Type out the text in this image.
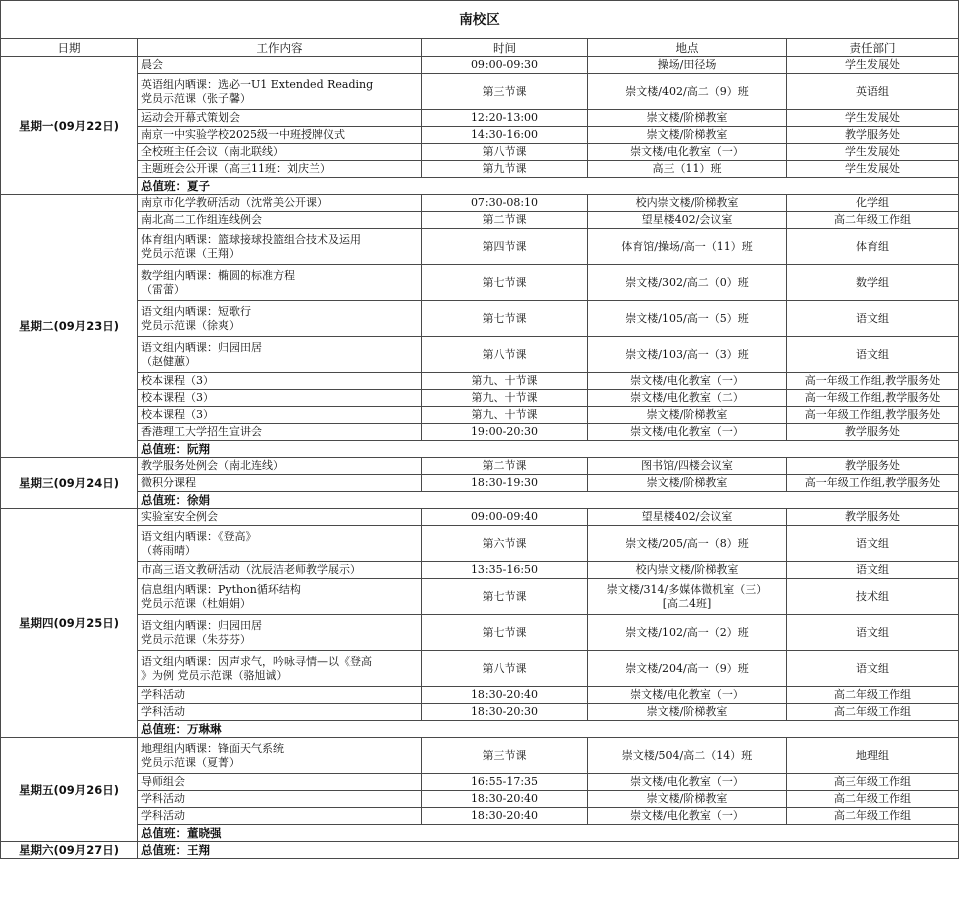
南校区				
日期	工作内容	时间	地点	责任部门
星期一(09月22日)	晨会	09:00-09:30	操场/田径场	学生发展处

	英语组内晒课：选必一U1 Extended Reading
党员示范课（张子馨）	第三节课	崇文楼/402/高二（9）班	英语组

	运动会开幕式策划会	12:20-13:00	崇文楼/阶梯教室	学生发展处

	南京一中实验学校2025级一中班授牌仪式	14:30-16:00	崇文楼/阶梯教室	教学服务处

	全校班主任会议（南北联线）	第八节课	崇文楼/电化教室（一）	学生发展处

	主题班会公开课（高三11班：刘庆兰）	第九节课	高三（11）班	学生发展处
	总值班：夏子			
星期二(09月23日)	南京市化学教研活动（沈常美公开课）	07:30-08:10	校内崇文楼/阶梯教室	化学组

	南北高二工作组连线例会	第二节课	望星楼402/会议室	高二年级工作组

	体育组内晒课：篮球接球投篮组合技术及运用
党员示范课（王翔）	第四节课	体育馆/操场/高一（11）班	体育组

	数学组内晒课：椭圆的标准方程
（雷蕾）	第七节课	崇文楼/302/高二（0）班	数学组

	语文组内晒课：短歌行
党员示范课（徐爽）	第七节课	崇文楼/105/高一（5）班	语文组

	语文组内晒课：归园田居
（赵健蕙）	第八节课	崇文楼/103/高一（3）班	语文组

	校本课程（3）	第九、十节课	崇文楼/电化教室（一）	高一年级工作组,教学服务处

	校本课程（3）	第九、十节课	崇文楼/电化教室（二）	高一年级工作组,教学服务处

	校本课程（3）	第九、十节课	崇文楼/阶梯教室	高一年级工作组,教学服务处

	香港理工大学招生宣讲会	19:00-20:30	崇文楼/电化教室（一）	教学服务处
	总值班：阮翔			
星期三(09月24日)	教学服务处例会（南北连线）	第二节课	图书馆/四楼会议室	教学服务处

	微积分课程	18:30-19:30	崇文楼/阶梯教室	高一年级工作组,教学服务处
	总值班：徐娟			
星期四(09月25日)	实验室安全例会	09:00-09:40	望星楼402/会议室	教学服务处

	语文组内晒课：《登高》
（蒋雨晴）	第六节课	崇文楼/205/高一（8）班	语文组

	市高三语文教研活动（沈辰洁老师教学展示）	13:35-16:50	校内崇文楼/阶梯教室	语文组

	信息组内晒课：Python循环结构
党员示范课（杜娟娟）	第七节课	崇文楼/314/多媒体微机室（三）
[高二4班]	技术组

	语文组内晒课：归园田居
党员示范课（朱芬芬）	第七节课	崇文楼/102/高一（2）班	语文组

	语文组内晒课：因声求气，吟咏寻情—以《登高
》为例 党员示范课（骆旭诚）	第八节课	崇文楼/204/高一（9）班	语文组

	学科活动	18:30-20:40	崇文楼/电化教室（一）	高二年级工作组

	学科活动	18:30-20:30	崇文楼/阶梯教室	高二年级工作组
	总值班：万琳琳			
星期五(09月26日)	地理组内晒课：锋面天气系统
党员示范课（夏菁）	第三节课	崇文楼/504/高二（14）班	地理组

	导师组会	16:55-17:35	崇文楼/电化教室（一）	高三年级工作组

	学科活动	18:30-20:40	崇文楼/阶梯教室	高二年级工作组

	学科活动	18:30-20:40	崇文楼/电化教室（一）	高二年级工作组
	总值班：董晓强			
星期六(09月27日)	总值班：王翔			
